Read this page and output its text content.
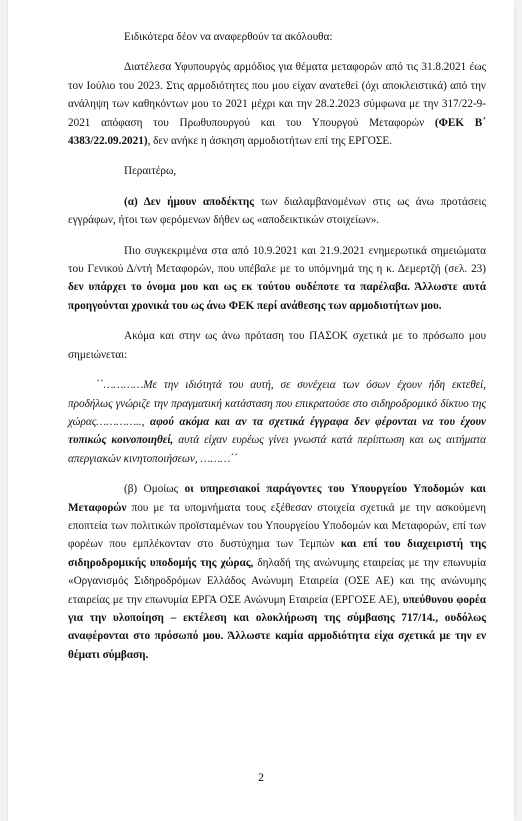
Ειδικότερα δέον να αναφερθούν τα ακόλουθα:

Διατέλεσα Υφυπουργός αρμόδιος για θέματα μεταφορών από τις 31.8.2021 έως τον Ιούλιο του 2023. Στις αρμοδιότητες που μου είχαν ανατεθεί (όχι αποκλειστικά) από την ανάληψη των καθηκόντων μου το 2021 μέχρι και την 28.2.2023 σύμφωνα με την 317/22-9-2021 απόφαση του Πρωθυπουργού και του Υπουργού Μεταφορών (ΦΕΚ Β΄ 4383/22.09.2021), δεν ανήκε η άσκηση αρμοδιοτήτων επί της ΕΡΓΟΣΕ.

Περαιτέρω,

(α) Δεν ήμουν αποδέκτης των διαλαμβανομένων στις ως άνω προτάσεις εγγράφων, ήτοι των φερόμενων δήθεν ως «αποδεικτικών στοιχείων».

Πιο συγκεκριμένα στα από 10.9.2021 και 21.9.2021 ενημερωτικά σημειώματα του Γενικού Δ/ντή Μεταφορών, που υπέβαλε με το υπόμνημά της η κ. Δεμερτζή (σελ. 23) δεν υπάρχει το όνομα μου και ως εκ τούτου ουδέποτε τα παρέλαβα. Άλλωστε αυτά προηγούνται χρονικά του ως άνω ΦΕΚ περί ανάθεσης των αρμοδιοτήτων μου.

Ακόμα και στην ως άνω πρόταση του ΠΑΣΟΚ σχετικά με το πρόσωπο μου σημειώνεται:

΄΄…………Με την ιδιότητά του αυτή, σε συνέχεια των όσων έχουν ήδη εκτεθεί, προδήλως γνώριζε την πραγματική κατάσταση που επικρατούσε στο σιδηροδρομικό δίκτυο της χώρας………….., αφού ακόμα και αν τα σχετικά έγγραφα δεν φέρονται να του έχουν τυπικώς κοινοποιηθεί, αυτά είχαν ευρέως γίνει γνωστά κατά περίπτωση και ως αιτήματα απεργιακών κινητοποιήσεων, ………΄΄

(β) Ομοίως οι υπηρεσιακοί παράγοντες του Υπουργείου Υποδομών και Μεταφορών που με τα υπομνήματα τους εξέθεσαν στοιχεία σχετικά με την ασκούμενη εποπτεία των πολιτικών προϊσταμένων του Υπουργείου Υποδομών και Μεταφορών, επί των φορέων που εμπλέκονταν στο δυστύχημα των Τεμπών και επί του διαχειριστή της σιδηροδρομικής υποδομής της χώρας, δηλαδή της ανώνυμης εταιρείας με την επωνυμία «Οργανισμός Σιδηροδρόμων Ελλάδος Ανώνυμη Εταιρεία (ΟΣΕ ΑΕ) και της ανώνυμης εταιρείας με την επωνυμία ΕΡΓΑ ΟΣΕ Ανώνυμη Εταιρεία (ΕΡΓΟΣΕ ΑΕ), υπεύθυνου φορέα για την υλοποίηση – εκτέλεση και ολοκλήρωση της σύμβασης 717/14., ουδόλως αναφέρονται στο πρόσωπό μου. Άλλωστε καμία αρμοδιότητα είχα σχετικά με την εν θέματι σύμβαση.

2
